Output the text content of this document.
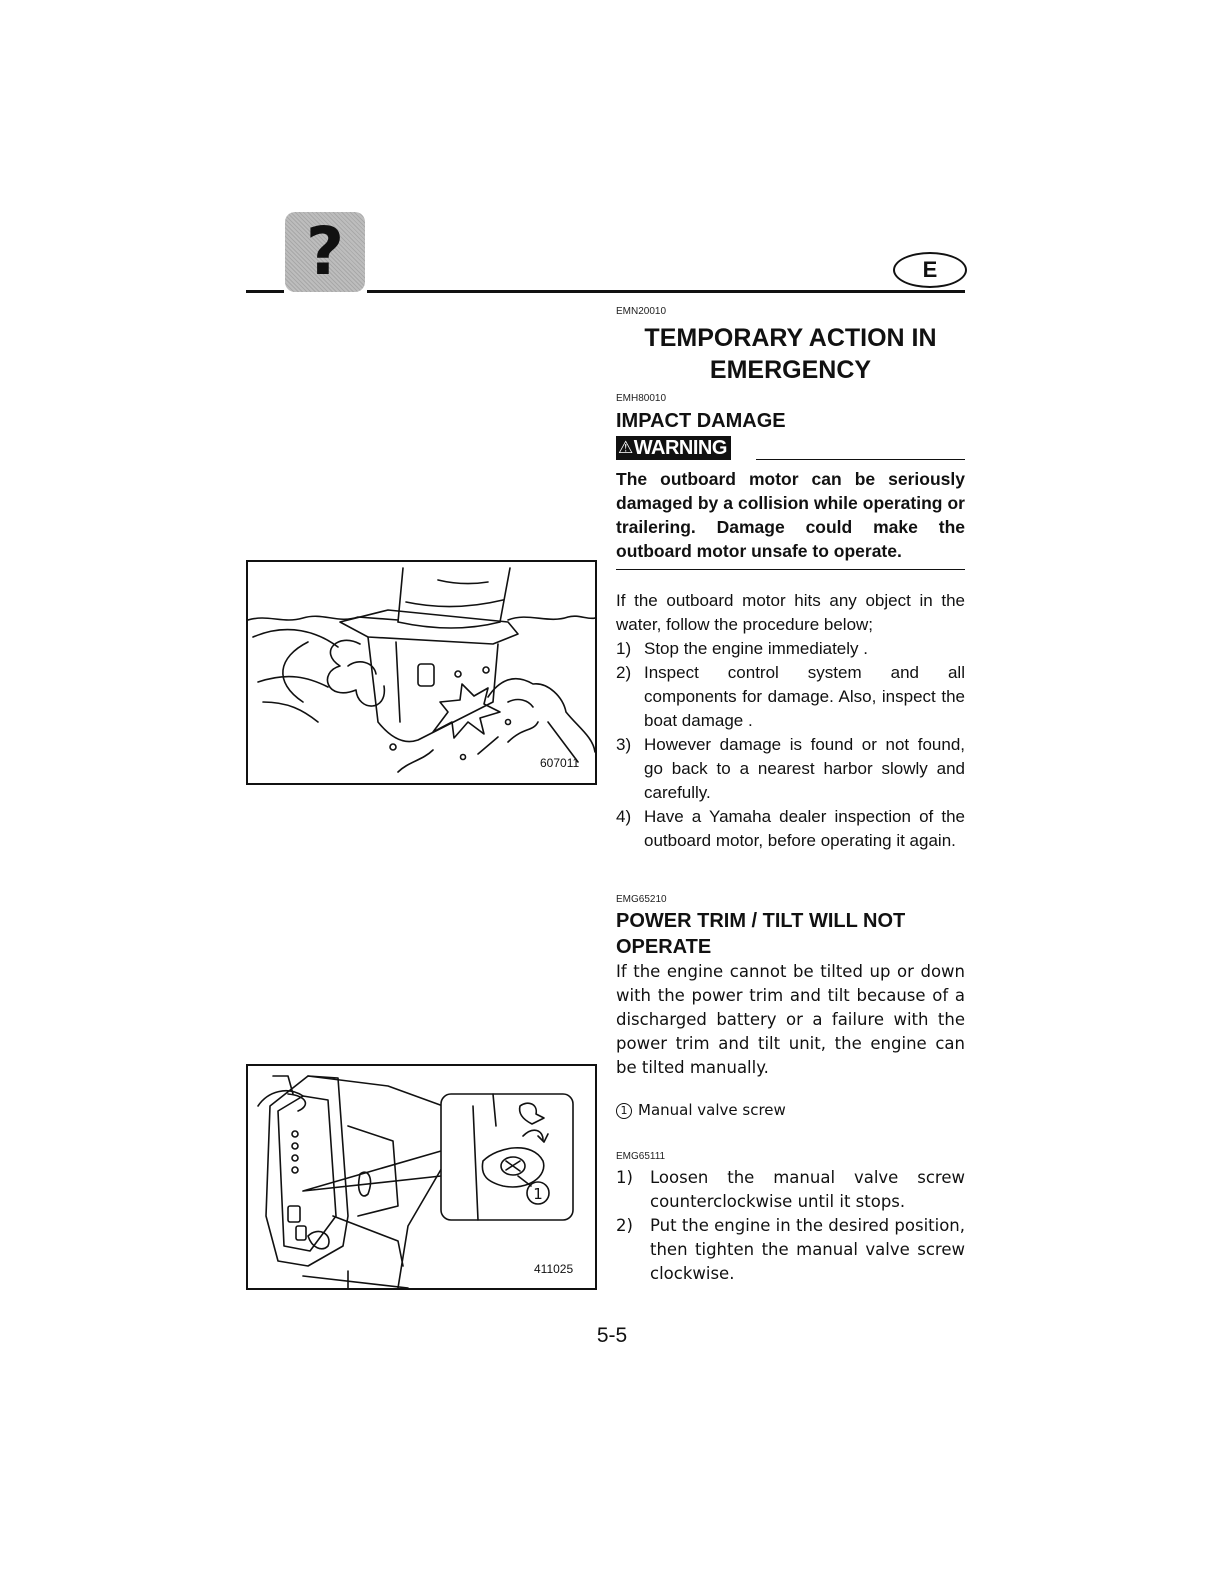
?	E
EMN20010
TEMPORARY ACTION IN
EMERGENCY
EMH80010
IMPACT DAMAGE
⚠ WARNING
The outboard motor can be seriously damaged by a collision while operating or trailering. Damage could make the outboard motor unsafe to operate.
If the outboard motor hits any object in the water, follow the procedure below;
1) Stop the engine immediately .
2) Inspect control system and all components for damage. Also, inspect the boat damage .
3) However damage is found or not found, go back to a nearest harbor slowly and carefully.
4) Have a Yamaha dealer inspection of the outboard motor, before operating it again.
607011
EMG65210
POWER TRIM / TILT WILL NOT
OPERATE
If the engine cannot be tilted up or down with the power trim and tilt because of a discharged battery or a failure with the power trim and tilt unit, the engine can be tilted manually.
1 Manual valve screw
EMG65111
1)	Loosen the manual valve screw counterclockwise until it stops.
2)	Put the engine in the desired position, then tighten the manual valve screw clockwise.
1
411025
5-5
